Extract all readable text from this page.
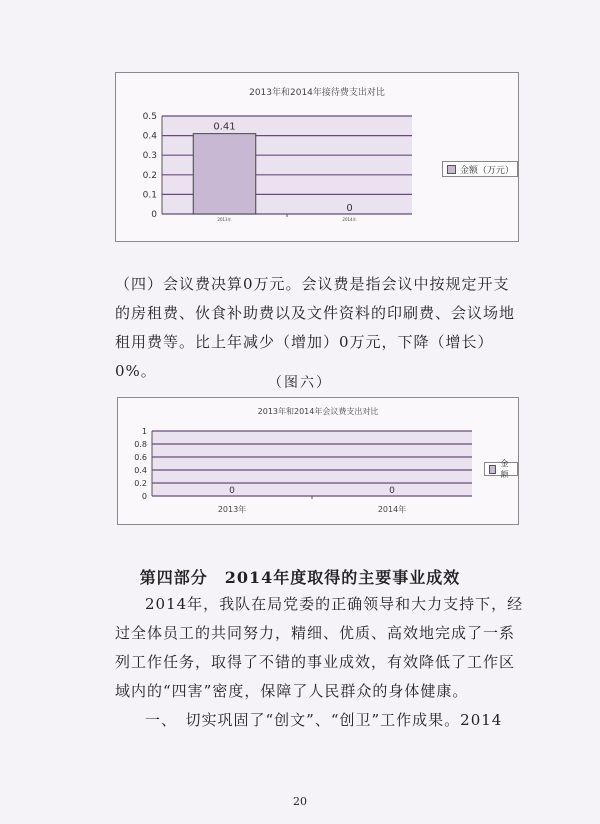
2013年和2014年接待费支出对比
0.5
0.4
0.3
0.2
0.1
0
0.41
2013年
0
2014年
金额（万元）
（四）会议费决算0万元。会议费是指会议中按规定开支的房租费、伙食补助费以及文件资料的印刷费、会议场地租用费等。比上年减少（增加）0万元，下降（增长）0%。
（图六）
2013年和2014年会议费支出对比
1
0.8
0.6
0.4
0.2
0
0
2013年
0
2014年
金额
第四部分　2014年度取得的主要事业成效
2014年，我队在局党委的正确领导和大力支持下，经过全体员工的共同努力，精细、优质、高效地完成了一系列工作任务，取得了不错的事业成效，有效降低了工作区域内的“四害”密度，保障了人民群众的身体健康。
一、　切实巩固了“创文”、“创卫”工作成果。2014
20
